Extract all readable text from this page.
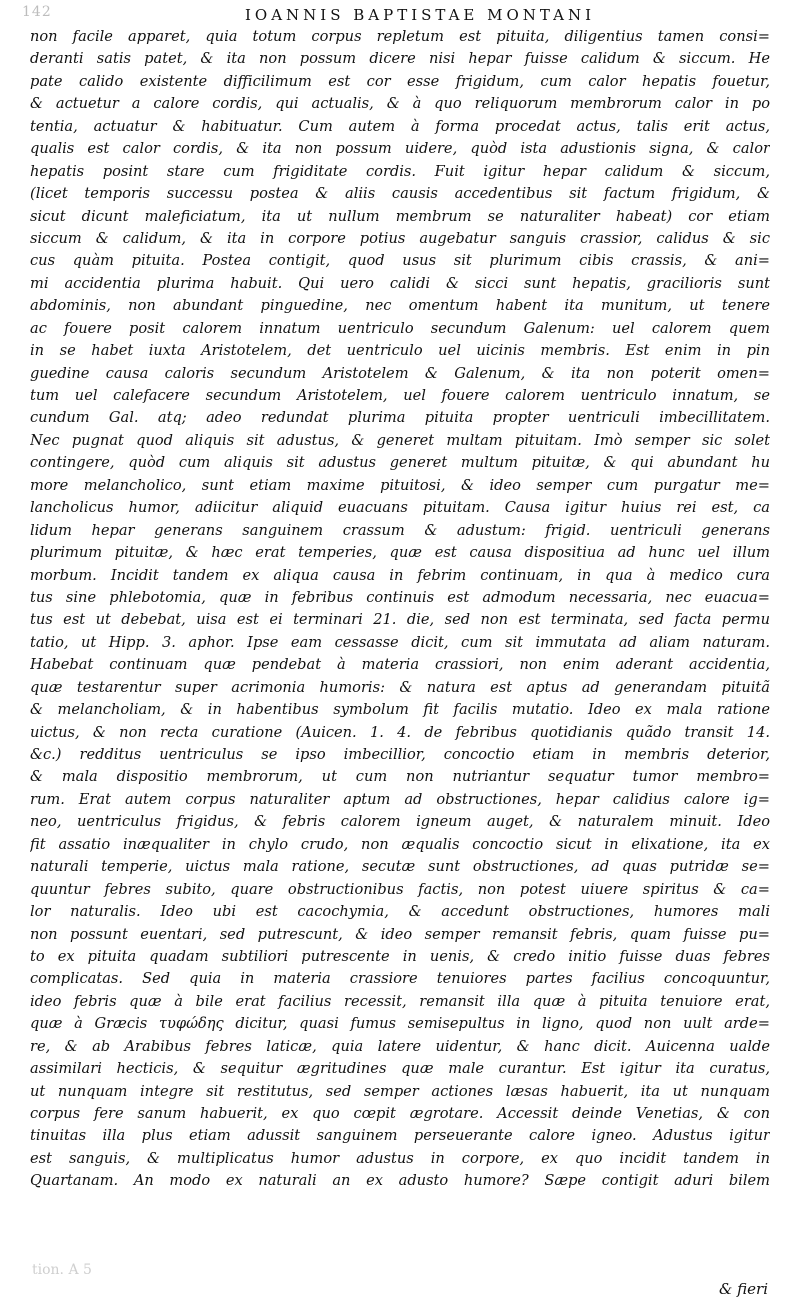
142	IOANNIS BAPTISTAE MONTANI
non facile apparet, quia totum corpus repletum est pituita, diligentius tamen consi=
deranti satis patet, & ita non possum dicere nisi hepar fuisse calidum & siccum. He
pate calido existente difficilimum est cor esse frigidum, cum calor hepatis fouetur,
& actuetur a calore cordis, qui actualis, & à quo reliquorum membrorum calor in po
tentia, actuatur & habituatur. Cum autem à forma procedat actus, talis erit actus,
qualis est calor cordis, & ita non possum uidere, quòd ista adustionis signa, & calor
hepatis posint stare cum frigiditate cordis. Fuit igitur hepar calidum & siccum,
(licet temporis successu postea & aliis causis accedentibus sit factum frigidum, &
sicut dicunt maleficiatum, ita ut nullum membrum se naturaliter habeat) cor etiam
siccum & calidum, & ita in corpore potius augebatur sanguis crassior, calidus & sic
cus quàm pituita. Postea contigit, quod usus sit plurimum cibis crassis, & ani=
mi accidentia plurima habuit. Qui uero calidi & sicci sunt hepatis, gracilioris sunt
abdominis, non abundant pinguedine, nec omentum habent ita munitum, ut tenere
ac fouere posit calorem innatum uentriculo secundum Galenum: uel calorem quem
in se habet iuxta Aristotelem, det uentriculo uel uicinis membris. Est enim in pin
guedine causa caloris secundum Aristotelem & Galenum, & ita non poterit omen=
tum uel calefacere secundum Aristotelem, uel fouere calorem uentriculo innatum, se
cundum Gal. atq; adeo redundat plurima pituita propter uentriculi imbecillitatem.
Nec pugnat quod aliquis sit adustus, & generet multam pituitam. Imò semper sic solet
contingere, quòd cum aliquis sit adustus generet multum pituitæ, & qui abundant hu
more melancholico, sunt etiam maxime pituitosi, & ideo semper cum purgatur me=
lancholicus humor, adiicitur aliquid euacuans pituitam. Causa igitur huius rei est, ca
lidum hepar generans sanguinem crassum & adustum: frigid. uentriculi generans
plurimum pituitæ, & hæc erat temperies, quæ est causa dispositiua ad hunc uel illum
morbum. Incidit tandem ex aliqua causa in febrim continuam, in qua à medico cura
tus sine phlebotomia, quæ in febribus continuis est admodum necessaria, nec euacua=
tus est ut debebat, uisa est ei terminari 21. die, sed non est terminata, sed facta permu
tatio, ut Hipp. 3. aphor. Ipse eam cessasse dicit, cum sit immutata ad aliam naturam.
Habebat continuam quæ pendebat à materia crassiori, non enim aderant accidentia,
quæ testarentur super acrimonia humoris: & natura est aptus ad generandam pituitã
& melancholiam, & in habentibus symbolum fit facilis mutatio. Ideo ex mala ratione
uictus, & non recta curatione (Auicen. 1. 4. de febribus quotidianis quãdo transit 14.
&c.) redditus uentriculus se ipso imbecillior, concoctio etiam in membris deterior,
& mala dispositio membrorum, ut cum non nutriantur sequatur tumor membro=
rum. Erat autem corpus naturaliter aptum ad obstructiones, hepar calidius calore ig=
neo, uentriculus frigidus, & febris calorem igneum auget, & naturalem minuit. Ideo
fit assatio inæqualiter in chylo crudo, non æqualis concoctio sicut in elixatione, ita ex
naturali temperie, uictus mala ratione, secutæ sunt obstructiones, ad quas putridæ se=
quuntur febres subito, quare obstructionibus factis, non potest uiuere spiritus & ca=
lor naturalis. Ideo ubi est cacochymia, & accedunt obstructiones, humores mali
non possunt euentari, sed putrescunt, & ideo semper remansit febris, quam fuisse pu=
to ex pituita quadam subtiliori putrescente in uenis, & credo initio fuisse duas febres
complicatas. Sed quia in materia crassiore tenuiores partes facilius concoquuntur,
ideo febris quæ à bile erat facilius recessit, remansit illa quæ à pituita tenuiore erat,
quæ à Græcis τυφώδης dicitur, quasi fumus semisepultus in ligno, quod non uult arde=
re, & ab Arabibus febres laticæ, quia latere uidentur, & hanc dicit. Auicenna ualde
assimilari hecticis, & sequitur ægritudines quæ male curantur. Est igitur ita curatus,
ut nunquam integre sit restitutus, sed semper actiones læsas habuerit, ita ut nunquam
corpus fere sanum habuerit, ex quo cœpit ægrotare. Accessit deinde Venetias, & con
tinuitas illa plus etiam adussit sanguinem perseuerante calore igneo. Adustus igitur
est sanguis, & multiplicatus humor adustus in corpore, ex quo incidit tandem in
Quartanam. An modo ex naturali an ex adusto humore? Sæpe contigit aduri bilem
tion. A 5
& fieri
